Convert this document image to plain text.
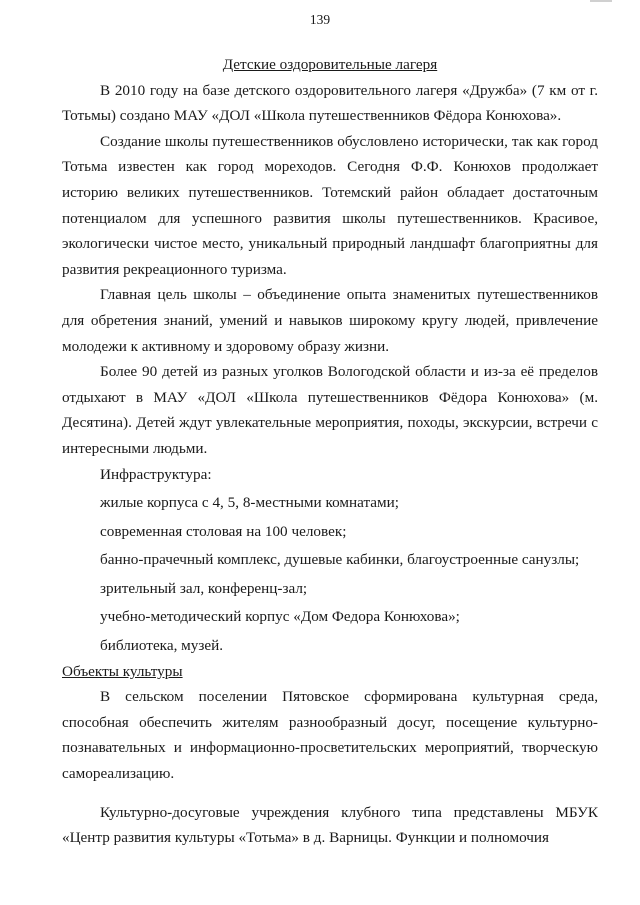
139

Детские оздоровительные лагеря

В 2010 году на базе детского оздоровительного лагеря «Дружба» (7 км от г. Тотьмы) создано МАУ «ДОЛ «Школа путешественников Фёдора Конюхова».

Создание школы путешественников обусловлено исторически, так как город Тотьма известен как город мореходов. Сегодня Ф.Ф. Конюхов продолжает историю великих путешественников. Тотемский район обладает достаточным потенциалом для успешного развития школы путешественников. Красивое, экологически чистое место, уникальный природный ландшафт благоприятны для развития рекреационного туризма.

Главная цель школы – объединение опыта знаменитых путешественников для обретения знаний, умений и навыков широкому кругу людей, привлечение молодежи к активному и здоровому образу жизни.

Более 90 детей из разных уголков Вологодской области и из-за её пределов отдыхают в МАУ «ДОЛ «Школа путешественников Фёдора Конюхова» (м. Десятина). Детей ждут увлекательные мероприятия, походы, экскурсии, встречи с интересными людьми.

Инфраструктура:

жилые корпуса с 4, 5, 8-местными комнатами;

современная столовая на 100 человек;

банно-прачечный комплекс, душевые кабинки, благоустроенные санузлы;

зрительный зал, конференц-зал;

учебно-методический корпус «Дом Федора Конюхова»;

библиотека, музей.

Объекты культуры

В сельском поселении Пятовское сформирована культурная среда, способная обеспечить жителям разнообразный досуг, посещение культурно-познавательных и информационно-просветительских мероприятий, творческую самореализацию.

Культурно-досуговые учреждения клубного типа представлены МБУК «Центр развития культуры «Тотьма» в д. Варницы. Функции и полномочия
